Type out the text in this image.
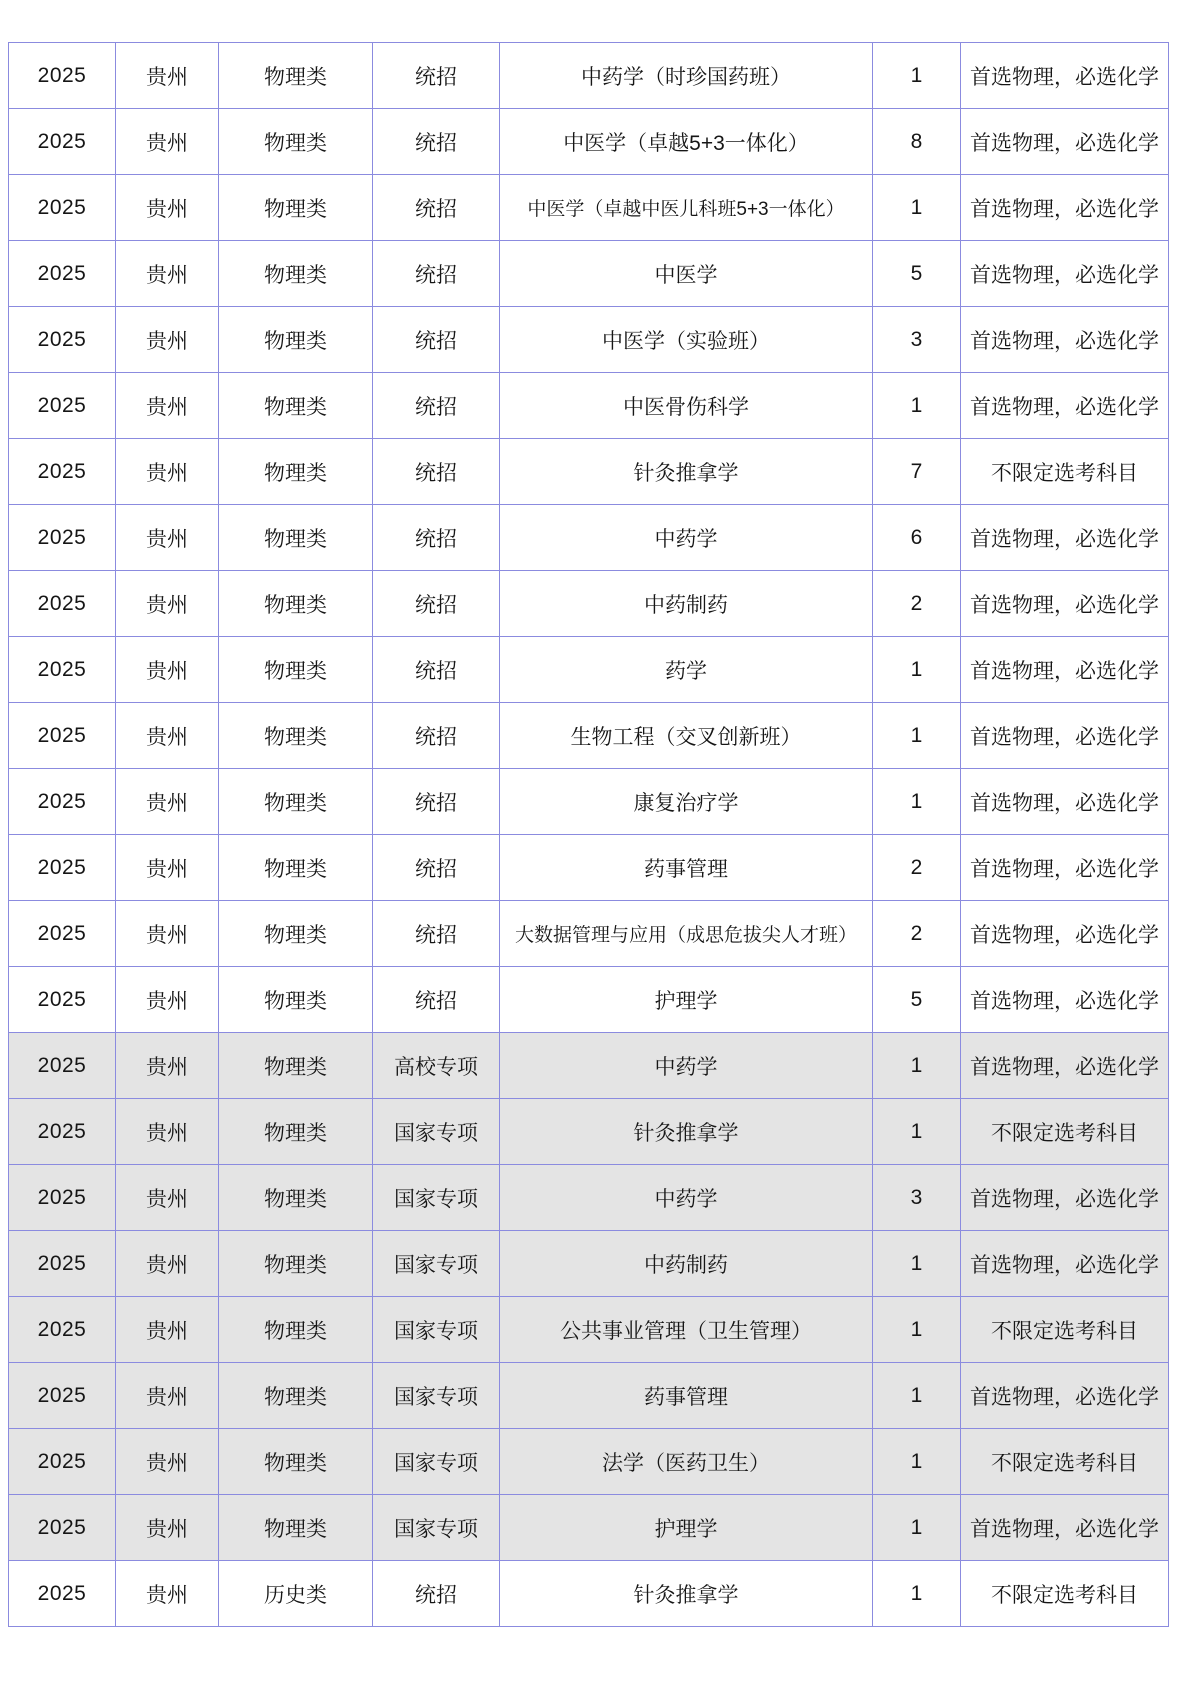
2025	贵州	物理类	统招	中药学（时珍国药班）	1	首选物理，必选化学
2025	贵州	物理类	统招	中医学（卓越5+3一体化）	8	首选物理，必选化学
2025	贵州	物理类	统招	中医学（卓越中医儿科班5+3一体化）	1	首选物理，必选化学
2025	贵州	物理类	统招	中医学	5	首选物理，必选化学
2025	贵州	物理类	统招	中医学（实验班）	3	首选物理，必选化学
2025	贵州	物理类	统招	中医骨伤科学	1	首选物理，必选化学
2025	贵州	物理类	统招	针灸推拿学	7	不限定选考科目
2025	贵州	物理类	统招	中药学	6	首选物理，必选化学
2025	贵州	物理类	统招	中药制药	2	首选物理，必选化学
2025	贵州	物理类	统招	药学	1	首选物理，必选化学
2025	贵州	物理类	统招	生物工程（交叉创新班）	1	首选物理，必选化学
2025	贵州	物理类	统招	康复治疗学	1	首选物理，必选化学
2025	贵州	物理类	统招	药事管理	2	首选物理，必选化学
2025	贵州	物理类	统招	大数据管理与应用（成思危拔尖人才班）	2	首选物理，必选化学
2025	贵州	物理类	统招	护理学	5	首选物理，必选化学
2025	贵州	物理类	高校专项	中药学	1	首选物理，必选化学
2025	贵州	物理类	国家专项	针灸推拿学	1	不限定选考科目
2025	贵州	物理类	国家专项	中药学	3	首选物理，必选化学
2025	贵州	物理类	国家专项	中药制药	1	首选物理，必选化学
2025	贵州	物理类	国家专项	公共事业管理（卫生管理）	1	不限定选考科目
2025	贵州	物理类	国家专项	药事管理	1	首选物理，必选化学
2025	贵州	物理类	国家专项	法学（医药卫生）	1	不限定选考科目
2025	贵州	物理类	国家专项	护理学	1	首选物理，必选化学
2025	贵州	历史类	统招	针灸推拿学	1	不限定选考科目
